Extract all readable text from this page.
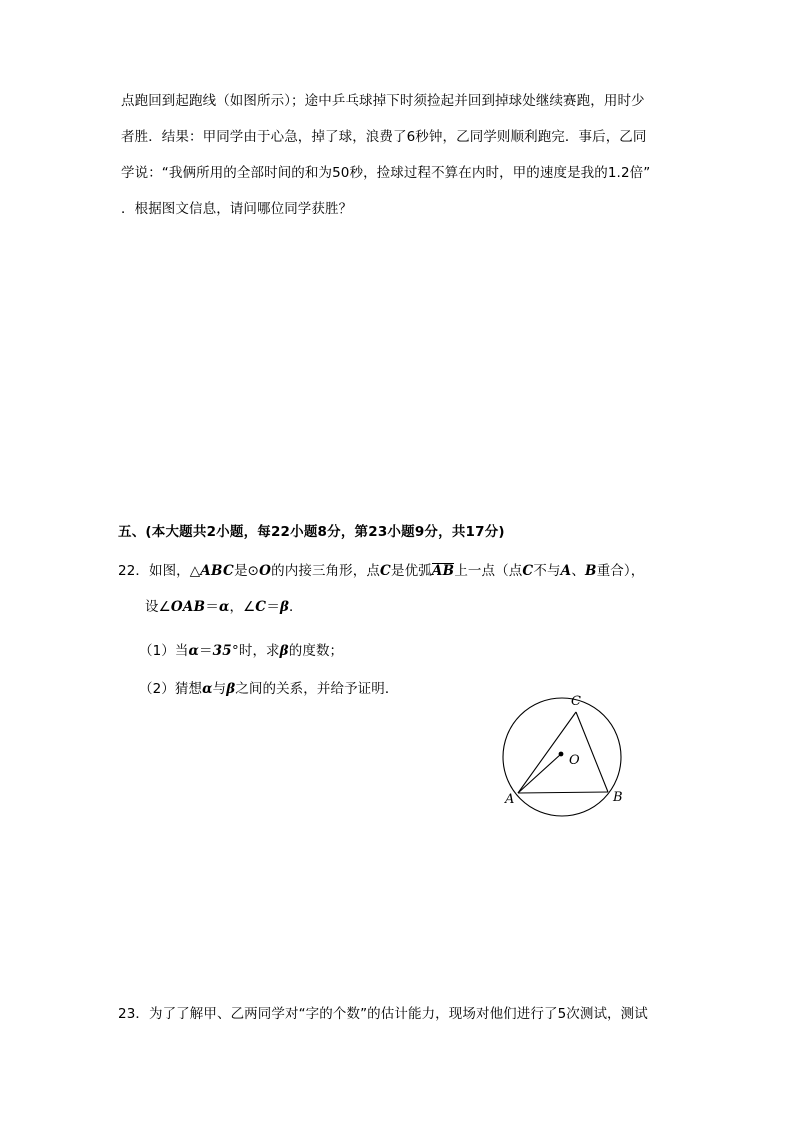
点跑回到起跑线（如图所示）；途中乒乓球掉下时须捡起并回到掉球处继续赛跑，用时少
者胜．结果：甲同学由于心急，掉了球，浪费了6秒钟，乙同学则顺利跑完．事后，乙同
学说：“我俩所用的全部时间的和为50秒，捡球过程不算在内时，甲的速度是我的1.2倍”
．根据图文信息，请问哪位同学获胜？
五、(本大题共2小题，每22小题8分，第23小题9分，共17分)
22．如图，△ABC是⊙O的内接三角形，点C是优弧AB上一点（点C不与A、B重合），
设∠OAB＝α，∠C＝β．
（1）当α＝35°时，求β的度数；
（2）猜想α与β之间的关系，并给予证明．
O
A	B
C
23．为了了解甲、乙两同学对“字的个数”的估计能力，现场对他们进行了5次测试，测试
